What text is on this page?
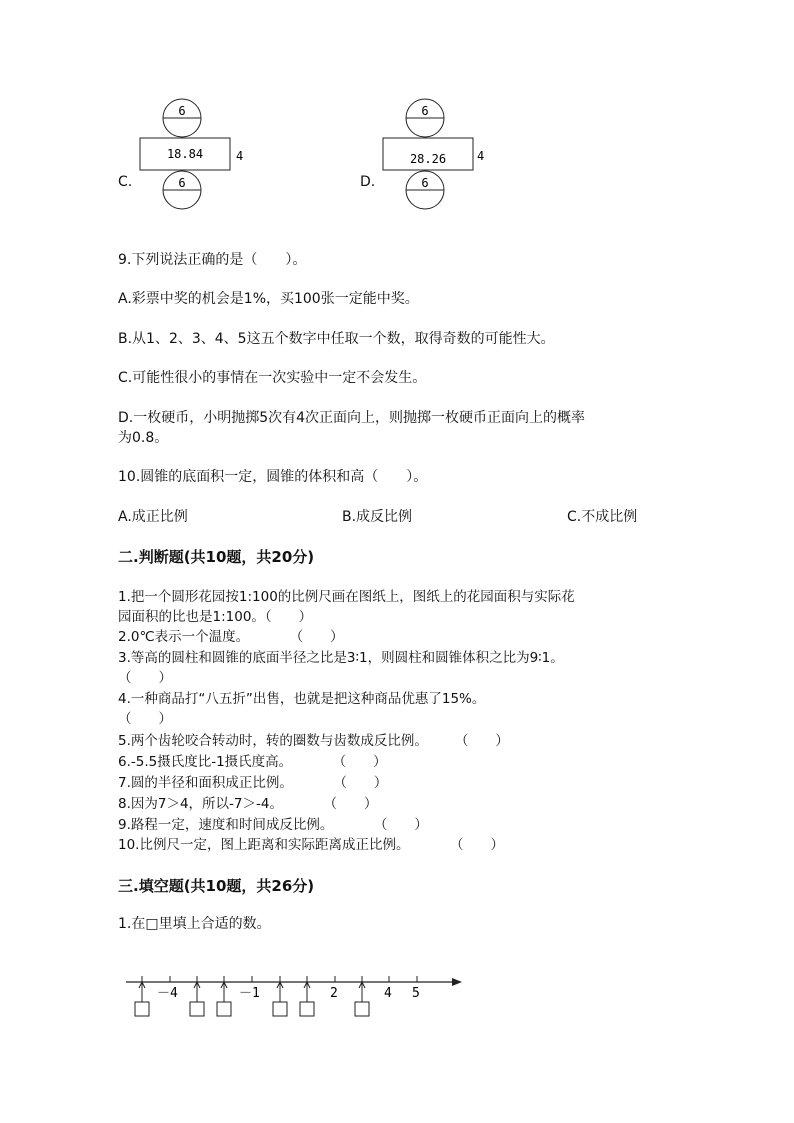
6
18.84	4
6
C.
6
28.26	4
6
D.
9.下列说法正确的是（　　）。
A.彩票中奖的机会是1%，买100张一定能中奖。
B.从1、2、3、4、5这五个数字中任取一个数，取得奇数的可能性大。
C.可能性很小的事情在一次实验中一定不会发生。
D.一枚硬币，小明抛掷5次有4次正面向上，则抛掷一枚硬币正面向上的概率
为0.8。
10.圆锥的底面积一定，圆锥的体积和高（　　）。
A.成正比例	B.成反比例	C.不成比例
二.判断题(共10题，共20分)
1.把一个圆形花园按1:100的比例尺画在图纸上，图纸上的花园面积与实际花
园面积的比也是1:100。（　　）
2.0℃表示一个温度。　　　　（　　）
3.等高的圆柱和圆锥的底面半径之比是3∶1，则圆柱和圆锥体积之比为9∶1。
（　　）
4.一种商品打“八五折”出售，也就是把这种商品优惠了15%。
（　　）
5.两个齿轮咬合转动时，转的圈数与齿数成反比例。　　　（　　）
6.-5.5摄氏度比-1摄氏度高。　　　　（　　）
7.圆的半径和面积成正比例。　　　　（　　）
8.因为7＞4，所以-7＞-4。　　　　（　　）
9.路程一定，速度和时间成反比例。　　　　（　　）
10.比例尺一定，图上距离和实际距离成正比例。　　　　（　　）
三.填空题(共10题，共26分)
1.在□里填上合适的数。
－4	－1	2	4 5
